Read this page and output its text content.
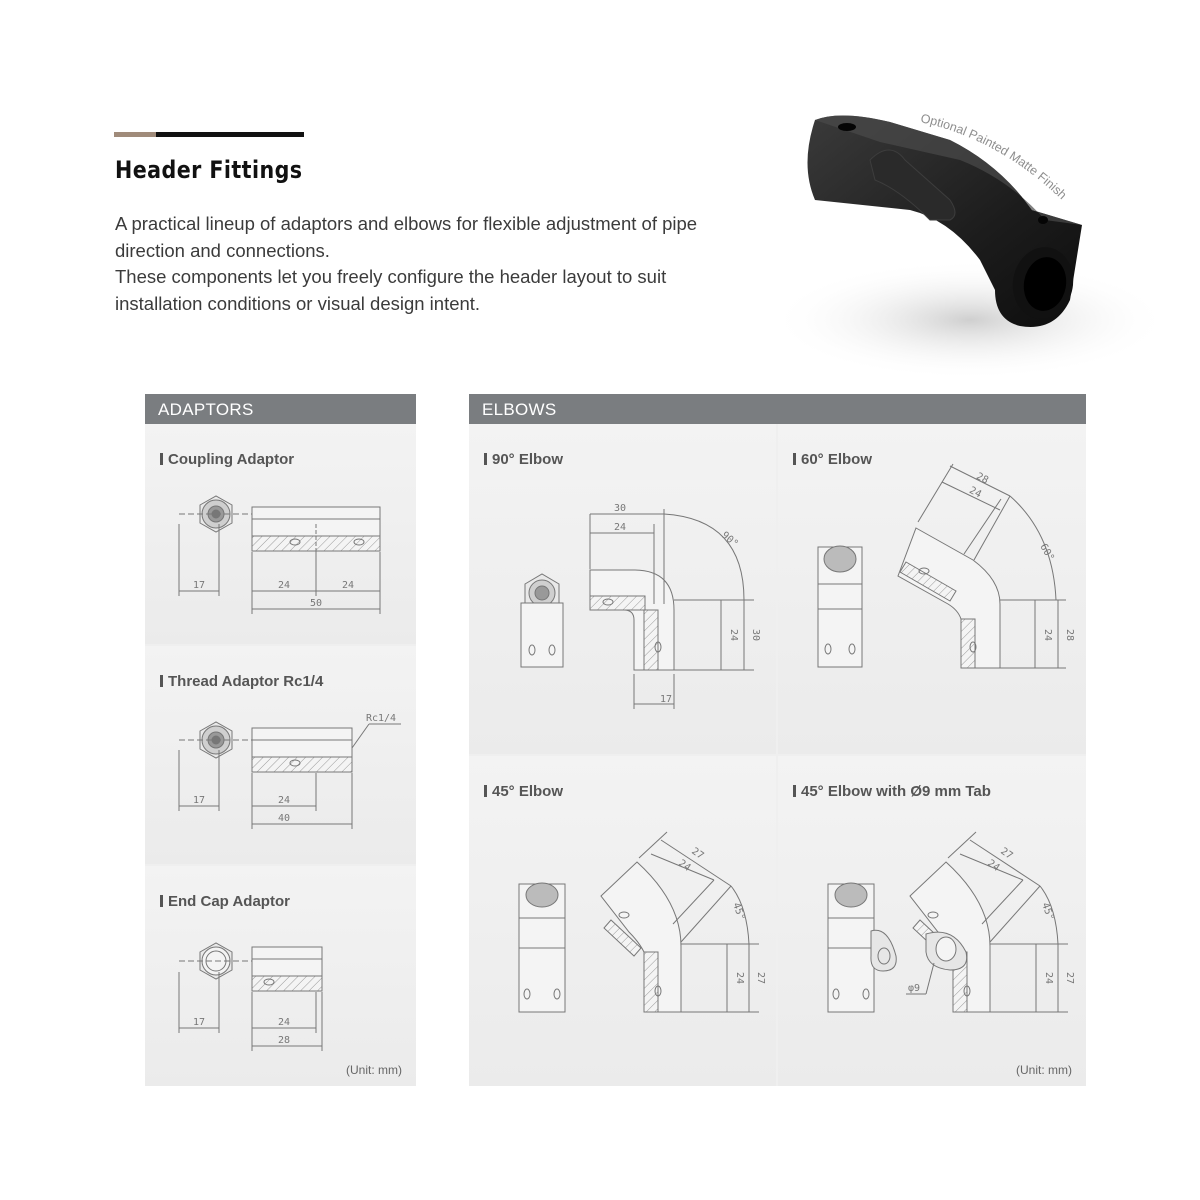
Header Fittings

A practical lineup of adaptors and elbows for flexible adjustment of pipe direction and connections.

These components let you freely configure the header layout to suit installation conditions or visual design intent.

Optional Painted Matte Finish
ADAPTORS
Coupling Adaptor
17	24	24
50
Thread Adaptor Rc1/4
Rc1/4
17	24
40
End Cap Adaptor
17	24
28
(Unit: mm)
ELBOWS
90° Elbow
30
24
90°
24 30
17
60° Elbow
28
24
60°
24 28
45° Elbow
27
24
45°
24 27
45° Elbow with Ø9 mm Tab
27
24
45°
24 27
φ9
(Unit: mm)
